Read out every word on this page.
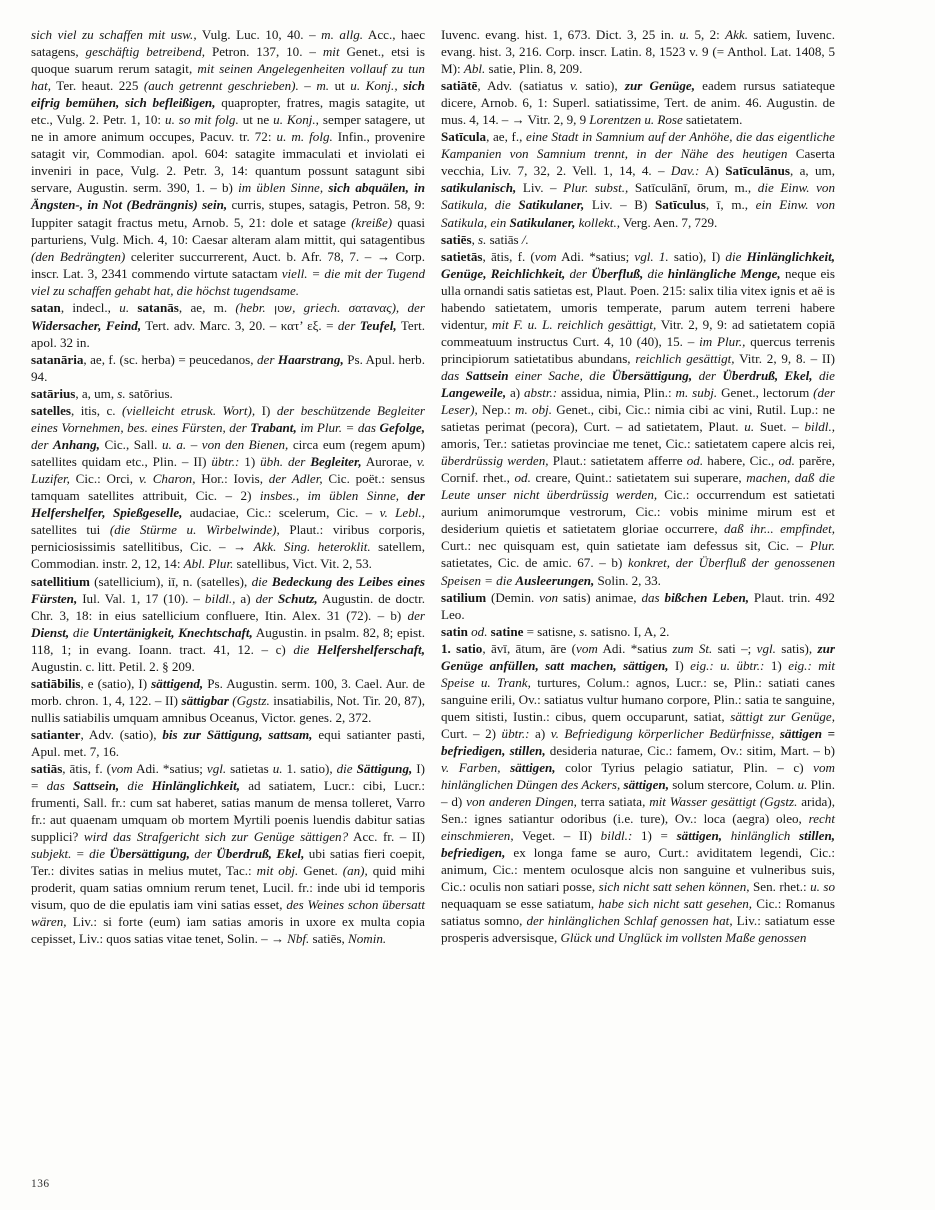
sich viel zu schaffen mit usw., Vulg. Luc. 10, 40. – m. allg. Acc., haec satagens, geschäftig betreibend, Petron. 137, 10. – mit Genet., etsi is quoque suarum rerum satagit, mit seinen Angelegenheiten vollauf zu tun hat, Ter. heaut. 225 (auch getrennt geschrieben). – m. ut u. Konj., sich eifrig bemühen, sich befleißigen, quapropter, fratres, magis satagite, ut etc., Vulg. 2. Petr. 1, 10: u. so mit folg. ut ne u. Konj., semper satagere, ut ne in amore animum occupes, Pacuv. tr. 72: u. m. folg. Infin., provenire satagit vir, Commodian. apol. 604: satagite immaculati et inviolati ei inveniri in pace, Vulg. 2. Petr. 3, 14: quantum possunt satagunt sibi servare, Augustin. serm. 390, 1. – b) im üblen Sinne, sich abquälen, in Ängsten-, in Not (Bedrängnis) sein, curris, stupes, satagis, Petron. 58, 9: Iuppiter satagit fractus metu, Arnob. 5, 21: dole et satage (kreiße) quasi parturiens, Vulg. Mich. 4, 10: Caesar alteram alam mittit, qui satagentibus (den Bedrängten) celeriter succurrerent, Auct. b. Afr. 78, 7. – → Corp. inscr. Lat. 3, 2341 commendo virtute satactam viell. = die mit der Tugend viel zu schaffen gehabt hat, die höchst tugendsame.

satan, indecl., u. satanās, ae, m. (hebr. שטן, griech. σατανας), der Widersacher, Feind, Tert. adv. Marc. 3, 20. – κατ’ εξ. = der Teufel, Tert. apol. 32 in.

satanāria, ae, f. (sc. herba) = peucedanos, der Haarstrang, Ps. Apul. herb. 94.

satārius, a, um, s. satōrius.

satelles, itis, c. (vielleicht etrusk. Wort), I) der beschützende Begleiter eines Vornehmen, bes. eines Fürsten, der Trabant, im Plur. = das Gefolge, der Anhang, Cic., Sall. u. a. – von den Bienen, circa eum (regem apum) satellites quidam etc., Plin. – II) übtr.: 1) übh. der Begleiter, Aurorae, v. Luzifer, Cic.: Orci, v. Charon, Hor.: Iovis, der Adler, Cic. poët.: sensus tamquam satellites attribuit, Cic. – 2) insbes., im üblen Sinne, der Helfershelfer, Spießgeselle, audaciae, Cic.: scelerum, Cic. – v. Lebl., satellites tui (die Stürme u. Wirbelwinde), Plaut.: viribus corporis, perniciosissimis satellitibus, Cic. – → Akk. Sing. heteroklit. satellem, Commodian. instr. 2, 12, 14: Abl. Plur. satellibus, Vict. Vit. 2, 53.

satellitium (satellicium), iī, n. (satelles), die Bedeckung des Leibes eines Fürsten, Iul. Val. 1, 17 (10). – bildl., a) der Schutz, Augustin. de doctr. Chr. 3, 18: in eius satellicium confluere, Itin. Alex. 31 (72). – b) der Dienst, die Untertänigkeit, Knechtschaft, Augustin. in psalm. 82, 8; epist. 118, 1; in evang. Ioann. tract. 41, 12. – c) die Helfershelferschaft, Augustin. c. litt. Petil. 2. § 209.

satiābilis, e (satio), I) sättigend, Ps. Augustin. serm. 100, 3. Cael. Aur. de morb. chron. 1, 4, 122. – II) sättigbar (Ggstz. insatiabilis, Not. Tir. 20, 87), nullis satiabilis umquam amnibus Oceanus, Victor. genes. 2, 372.

satianter, Adv. (satio), bis zur Sättigung, sattsam, equi satianter pasti, Apul. met. 7, 16.

satiās, ātis, f. (vom Adi. *satius; vgl. satietas u. 1. satio), die Sättigung, I) = das Sattsein, die Hinlänglichkeit, ad satiatem, Lucr.: cibi, Lucr.: frumenti, Sall. fr.: cum sat haberet, satias manum de mensa tolleret, Varro fr.: aut quaenam umquam ob mortem Myrtili poenis luendis dabitur satias supplici? wird das Strafgericht sich zur Genüge sättigen? Acc. fr. – II) subjekt. = die Übersättigung, der Überdruß, Ekel, ubi satias fieri coepit, Ter.: divites satias in melius mutet, Tac.: mit obj. Genet. (an), quid mihi proderit, quam satias omnium rerum tenet, Lucil. fr.: inde ubi id temporis visum, quo de die epulatis iam vini satias esset, des Weines schon übersatt wären, Liv.: si forte (eum) iam satias amoris in uxore ex multa copia cepisset, Liv.: quos satias vitae tenet, Solin. – → Nbf. satiēs, Nomin.

Iuvenc. evang. hist. 1, 673. Dict. 3, 25 in. u. 5, 2: Akk. satiem, Iuvenc. evang. hist. 3, 216. Corp. inscr. Latin. 8, 1523 v. 9 (= Anthol. Lat. 1408, 5 M): Abl. satie, Plin. 8, 209.

satiātē, Adv. (satiatus v. satio), zur Genüge, eadem rursus satiateque dicere, Arnob. 6, 1: Superl. satiatissime, Tert. de anim. 46. Augustin. de mus. 4, 14. – → Vitr. 2, 9, 9 Lorentzen u. Rose satietatem.

Satīcula, ae, f., eine Stadt in Samnium auf der Anhöhe, die das eigentliche Kampanien von Samnium trennt, in der Nähe des heutigen Caserta vecchia, Liv. 7, 32, 2. Vell. 1, 14, 4. – Dav.: A) Satīculānus, a, um, satikulanisch, Liv. – Plur. subst., Satīculānī, ōrum, m., die Einw. von Satikula, die Satikulaner, Liv. – B) Satīculus, ī, m., ein Einw. von Satikula, ein Satikulaner, kollekt., Verg. Aen. 7, 729.

satiēs, s. satiās /.

satietās, ātis, f. (vom Adi. *satius; vgl. 1. satio), I) die Hinlänglichkeit, Genüge, Reichlichkeit, der Überfluß, die hinlängliche Menge, neque eis ulla ornandi satis satietas est, Plaut. Poen. 215: salix tilia vitex ignis et aë is habendo satietatem, umoris temperate, parum autem terreni habere videntur, mit F. u. L. reichlich gesättigt, Vitr. 2, 9, 9: ad satietatem copiā commeatuum instructus Curt. 4, 10 (40), 15. – im Plur., quercus terrenis principiorum satietatibus abundans, reichlich gesättigt, Vitr. 2, 9, 8. – II) das Sattsein einer Sache, die Übersättigung, der Überdruß, Ekel, die Langeweile, a) abstr.: assidua, nimia, Plin.: m. subj. Genet., lectorum (der Leser), Nep.: m. obj. Genet., cibi, Cic.: nimia cibi ac vini, Rutil. Lup.: ne satietas perimat (pecora), Curt. – ad satietatem, Plaut. u. Suet. – bildl., amoris, Ter.: satietas provinciae me tenet, Cic.: satietatem capere alcis rei, überdrüssig werden, Plaut.: satietatem afferre od. habere, Cic., od. parĕre, Cornif. rhet., od. creare, Quint.: satietatem sui superare, machen, daß die Leute unser nicht überdrüssig werden, Cic.: occurrendum est satietati aurium animorumque vestrorum, Cic.: vobis minime mirum est et desiderium quietis et satietatem gloriae occurrere, daß ihr... empfindet, Curt.: nec quisquam est, quin satietate iam defessus sit, Cic. – Plur. satietates, Cic. de amic. 67. – b) konkret, der Überfluß der genossenen Speisen = die Ausleerungen, Solin. 2, 33.

satilium (Demin. von satis) animae, das bißchen Leben, Plaut. trin. 492 Leo.

satin od. satine = satisne, s. satisno. I, A, 2.

1. satio, āvī, ātum, āre (vom Adi. *satius zum St. sati –; vgl. satis), zur Genüge anfüllen, satt machen, sättigen, I) eig.: u. übtr.: 1) eig.: mit Speise u. Trank, turtures, Colum.: agnos, Lucr.: se, Plin.: satiati canes sanguine erili, Ov.: satiatus vultur humano corpore, Plin.: satia te sanguine, quem sitisti, Iustin.: cibus, quem occuparunt, satiat, sättigt zur Genüge, Curt. – 2) übtr.: a) v. Befriedigung körperlicher Bedürfnisse, sättigen = befriedigen, stillen, desideria naturae, Cic.: famem, Ov.: sitim, Mart. – b) v. Farben, sättigen, color Tyrius pelagio satiatur, Plin. – c) vom hinlänglichen Düngen des Ackers, sättigen, solum stercore, Colum. u. Plin. – d) von anderen Dingen, terra satiata, mit Wasser gesättigt (Ggstz. arida), Sen.: ignes satiantur odoribus (i.e. ture), Ov.: loca (aegra) oleo, recht einschmieren, Veget. – II) bildl.: 1) = sättigen, hinlänglich stillen, befriedigen, ex longa fame se auro, Curt.: aviditatem legendi, Cic.: animum, Cic.: mentem oculosque alcis non sanguine et vulneribus suis, Cic.: oculis non satiari posse, sich nicht satt sehen können, Sen. rhet.: u. so nequaquam se esse satiatum, habe sich nicht satt gesehen, Cic.: Romanus satiatus somno, der hinlänglichen Schlaf genossen hat, Liv.: satiatum esse prosperis adversisque, Glück und Unglück im vollsten Maße genossen

136
